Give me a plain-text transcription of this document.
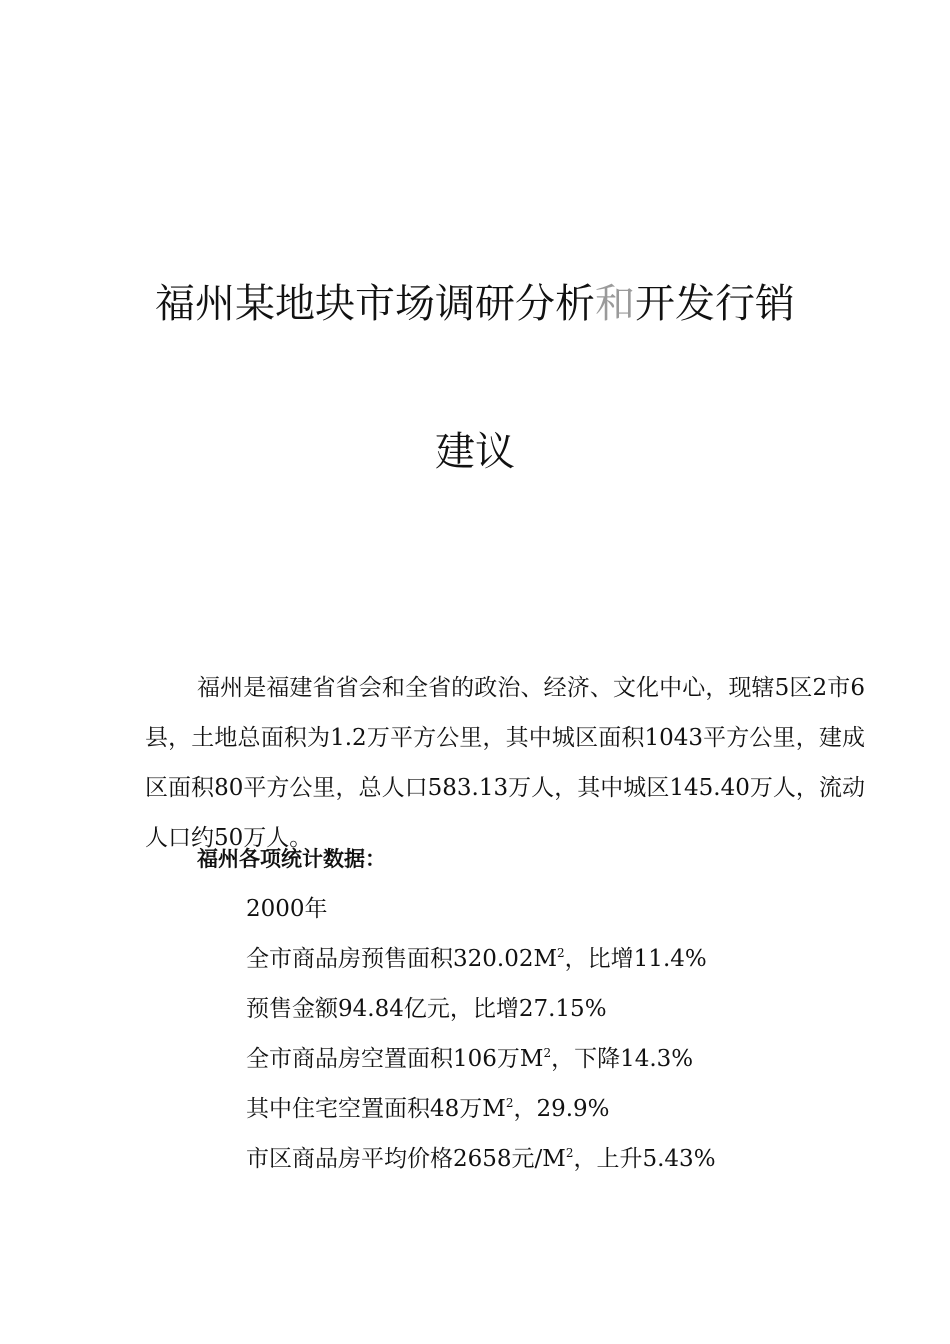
福州某地块市场调研分析和开发行销
建议

福州是福建省省会和全省的政治、经济、文化中心，现辖5区2市6县，土地总面积为1.2万平方公里，其中城区面积1043平方公里，建成区面积80平方公里，总人口583.13万人，其中城区145.40万人，流动人口约50万人。

福州各项统计数据：
2000年
全市商品房预售面积$320.02M^2$，比增11.4%
预售金额94.84亿元，比增27.15%
全市商品房空置面积106万$M^2$，下降14.3%
其中住宅空置面积48万$M^2$，29.9%
市区商品房平均价格2658元$/M^2$，上升5.43%
